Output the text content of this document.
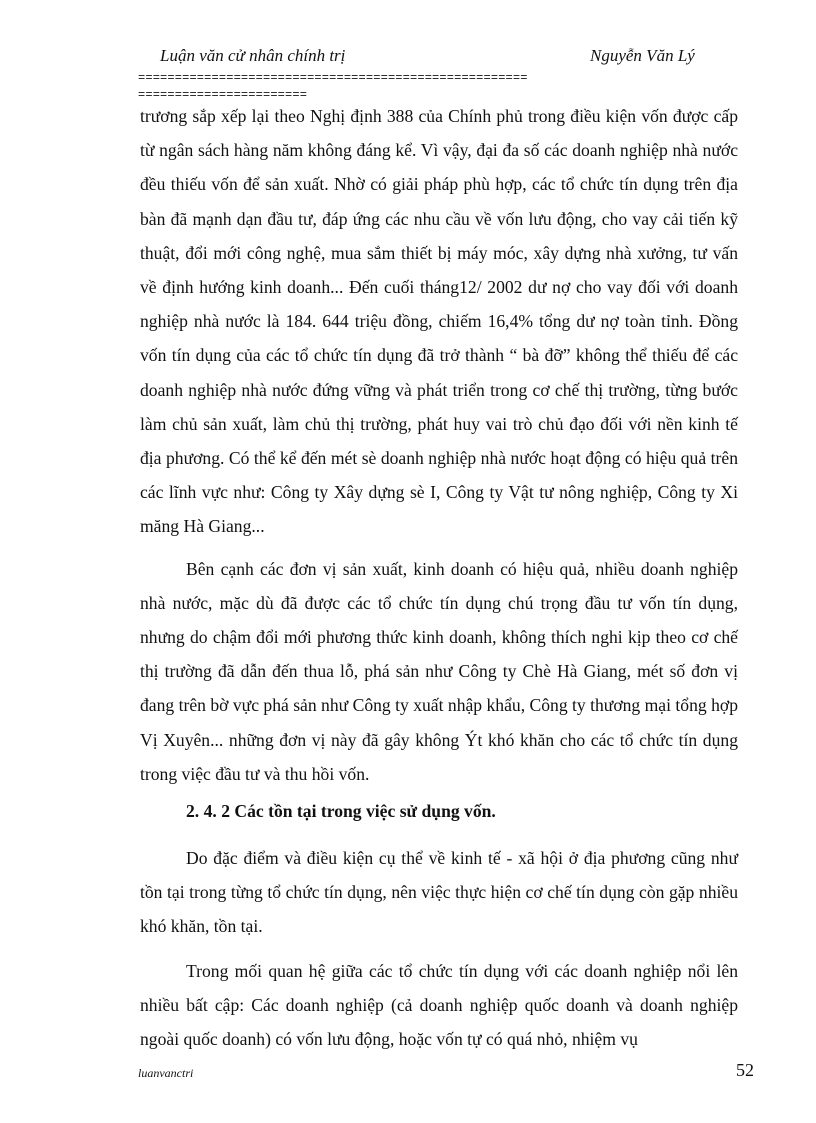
Luận văn cử nhân chính trị	Nguyễn Văn Lý
=====================================================
=======================

trương sắp xếp lại theo Nghị định 388 của Chính phủ trong điều kiện vốn được cấp từ ngân sách hàng năm không đáng kể. Vì vậy, đại đa số các doanh nghiệp nhà nước đều thiếu vốn để sản xuất. Nhờ có giải pháp phù hợp, các tổ chức tín dụng trên địa bàn đã mạnh dạn đầu tư, đáp ứng các nhu cầu về vốn lưu động, cho vay cải tiến kỹ thuật, đổi mới công nghệ, mua sắm thiết bị máy móc, xây dựng nhà xưởng, tư vấn về định hướng kinh doanh... Đến cuối tháng12/ 2002 dư nợ cho vay đối với doanh nghiệp nhà nước là 184. 644 triệu đồng, chiếm 16,4% tổng dư nợ toàn tỉnh. Đồng vốn tín dụng của các tổ chức tín dụng đã trở thành “ bà đỡ” không thể thiếu để các doanh nghiệp nhà nước đứng vững và phát triển trong cơ chế thị trường, từng bước làm chủ sản xuất, làm chủ thị trường, phát huy vai trò chủ đạo đối với nền kinh tế địa phương. Có thể kể đến mét sè doanh nghiệp nhà nước hoạt động có hiệu quả trên các lĩnh vực như: Công ty Xây dựng sè I, Công ty Vật tư nông nghiệp, Công ty Xi măng Hà Giang...

Bên cạnh các đơn vị sản xuất, kinh doanh có hiệu quả, nhiều doanh nghiệp nhà nước, mặc dù đã được các tổ chức tín dụng chú trọng đầu tư vốn tín dụng, nhưng do chậm đổi mới phương thức kinh doanh, không thích nghi kịp theo cơ chế thị trường đã dẫn đến thua lỗ, phá sản như Công ty Chè Hà Giang, mét số đơn vị đang trên bờ vực phá sản như Công ty xuất nhập khẩu, Công ty thương mại tổng hợp Vị Xuyên... những đơn vị này đã gây không Ýt khó khăn cho các tổ chức tín dụng trong việc đầu tư và thu hồi vốn.

2. 4. 2 Các tồn tại trong việc sử dụng vốn.

Do đặc điểm và điều kiện cụ thể về kinh tế - xã hội ở địa phương cũng như tồn tại trong từng tổ chức tín dụng, nên việc thực hiện cơ chế tín dụng còn gặp nhiều khó khăn, tồn tại.

Trong mối quan hệ giữa các tổ chức tín dụng với các doanh nghiệp nổi lên nhiều bất cập: Các doanh nghiệp (cả doanh nghiệp quốc doanh và doanh nghiệp ngoài quốc doanh) có vốn lưu động, hoặc vốn tự có quá nhỏ, nhiệm vụ

luanvanctri	52
